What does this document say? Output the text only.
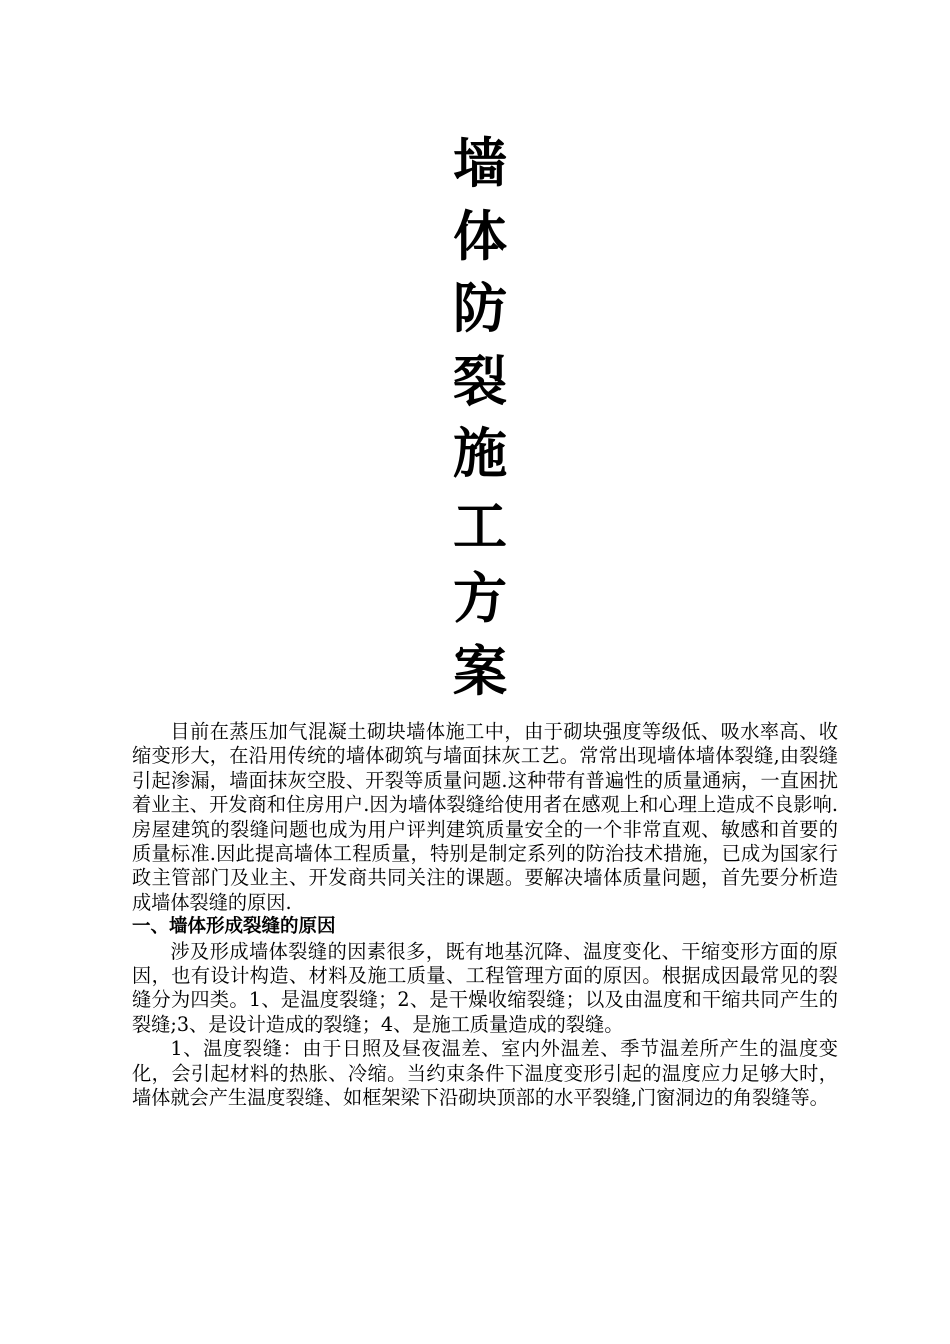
墙
体
防
裂
施
工
方
案

目前在蒸压加气混凝土砌块墙体施工中，由于砌块强度等级低、吸水率高、收缩变形大，在沿用传统的墙体砌筑与墙面抹灰工艺。常常出现墙体墙体裂缝,由裂缝引起渗漏，墙面抹灰空股、开裂等质量问题.这种带有普遍性的质量通病，一直困扰着业主、开发商和住房用户.因为墙体裂缝给使用者在感观上和心理上造成不良影响.房屋建筑的裂缝问题也成为用户评判建筑质量安全的一个非常直观、敏感和首要的质量标准.因此提高墙体工程质量，特别是制定系列的防治技术措施，已成为国家行政主管部门及业主、开发商共同关注的课题。要解决墙体质量问题，首先要分析造成墙体裂缝的原因.

一、墙体形成裂缝的原因

涉及形成墙体裂缝的因素很多，既有地基沉降、温度变化、干缩变形方面的原因，也有设计构造、材料及施工质量、工程管理方面的原因。根据成因最常见的裂缝分为四类。1、是温度裂缝；2、是干燥收缩裂缝；以及由温度和干缩共同产生的裂缝;3、是设计造成的裂缝；4、是施工质量造成的裂缝。

1、温度裂缝：由于日照及昼夜温差、室内外温差、季节温差所产生的温度变化，会引起材料的热胀、冷缩。当约束条件下温度变形引起的温度应力足够大时，墙体就会产生温度裂缝、如框架梁下沿砌块顶部的水平裂缝,门窗洞边的角裂缝等。
